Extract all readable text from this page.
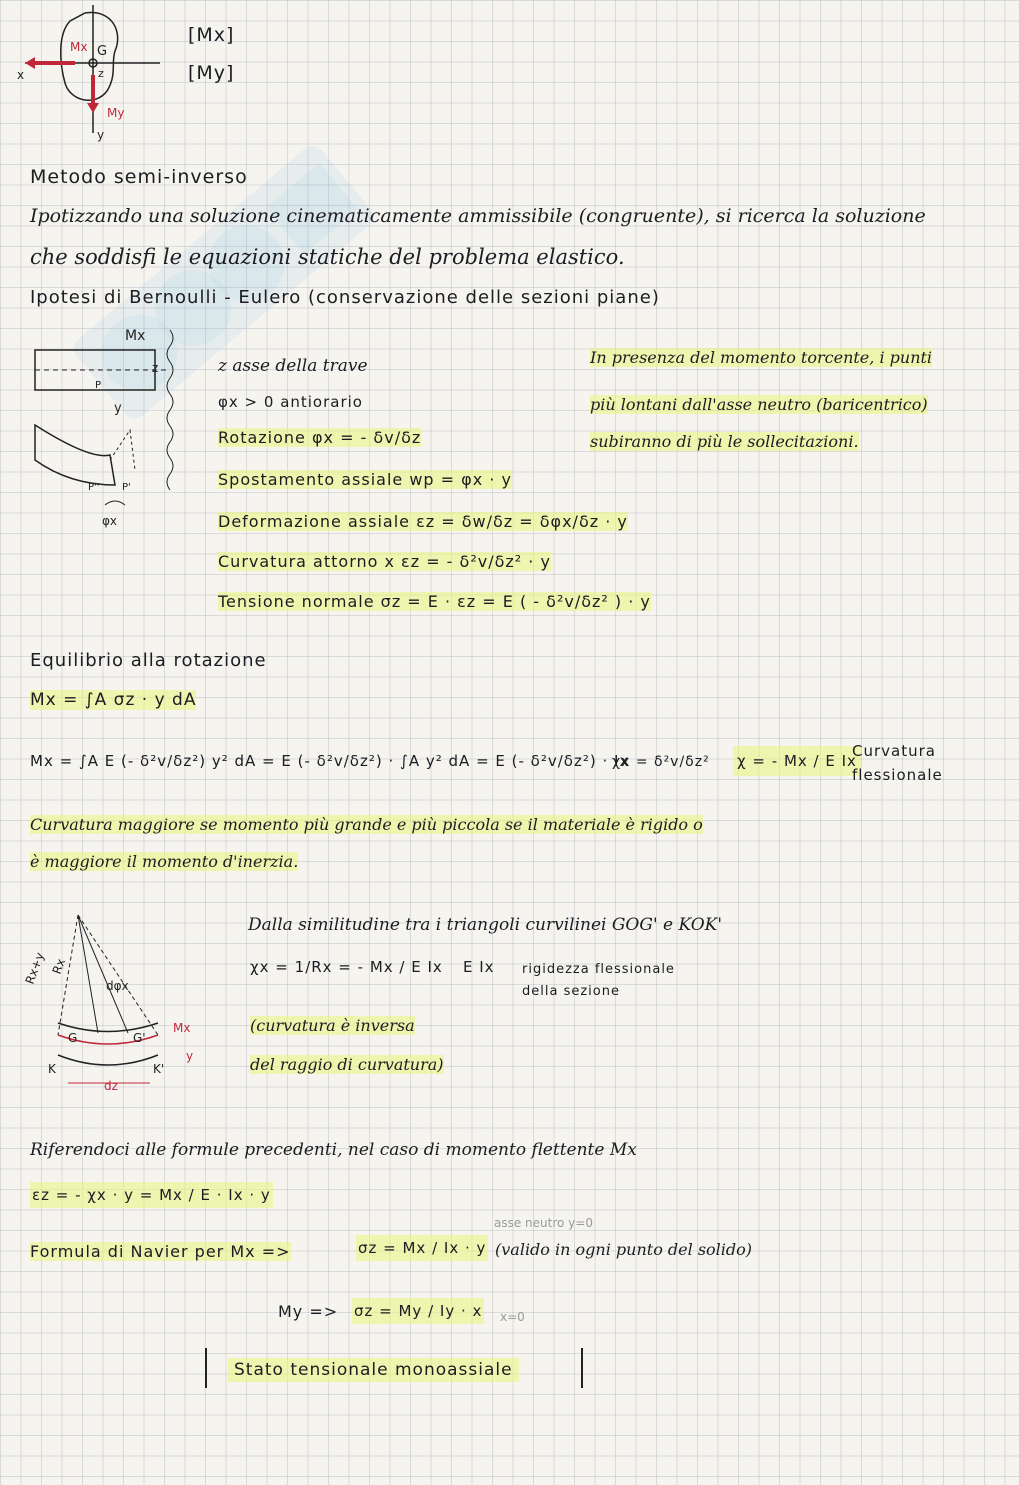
Mx G
z
x
My
y
[Mx]
[My]
Metodo semi-inverso
Ipotizzando una soluzione cinematicamente ammissibile (congruente), si ricerca la soluzione
che soddisfi le equazioni statiche del problema elastico.
Ipotesi di Bernoulli - Eulero (conservazione delle sezioni piane)
Mx
z
P
y
P'' P'
φx
z asse della trave
φx > 0 antiorario
Rotazione φx = - δv/δz
Spostamento assiale wp = φx · y
Deformazione assiale εz = δw/δz = δφx/δz · y
Curvatura attorno x εz = - δ²v/δz² · y
Tensione normale σz = E · εz = E ( - δ²v/δz² ) · y
In presenza del momento torcente, i punti
più lontani dall'asse neutro (baricentrico)
subiranno di più le sollecitazioni.
Equilibrio alla rotazione
Mx = ∫A σz · y dA
Mx = ∫A E (- δ²v/δz²) y² dA = E (- δ²v/δz²) · ∫A y² dA = E (- δ²v/δz²) · Ix
χx = δ²v/δz² χ = - Mx / E Ix
Curvatura
flessionale
Curvatura maggiore se momento più grande e più piccola se il materiale è rigido o
è maggiore il momento d'inerzia.
Rx+y Rx
dφx
Mx
G	G'
K	K'
dz
y
Dalla similitudine tra i triangoli curvilinei GOG' e KOK'
χx = 1/Rx = - Mx / E Ix E Ix rigidezza flessionale
della sezione
(curvatura è inversa
del raggio di curvatura)
Riferendoci alle formule precedenti, nel caso di momento flettente Mx
εz = - χx · y = Mx / E · Ix · y
asse neutro y=0
Formula di Navier per Mx =>	σz = Mx / Ix · y (valido in ogni punto del solido)
My => σz = My / Iy · x x=0
Stato tensionale monoassiale
